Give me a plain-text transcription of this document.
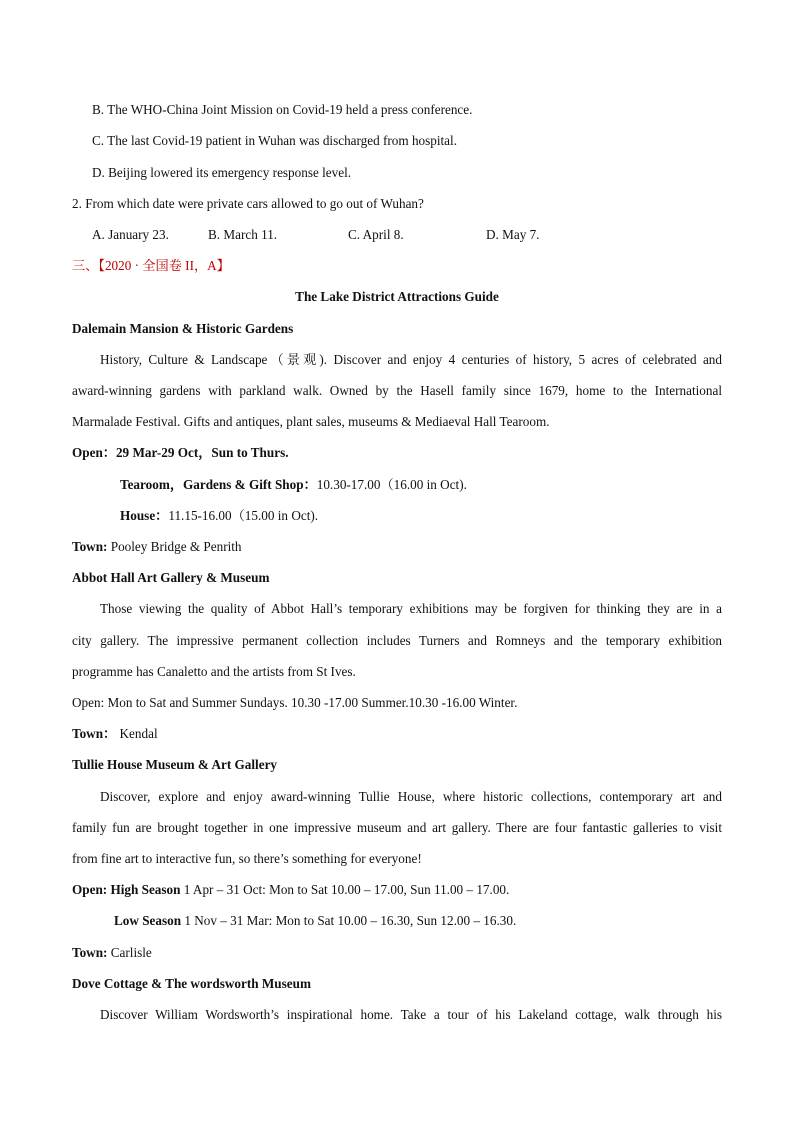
B. The WHO-China Joint Mission on Covid-19 held a press conference.
C. The last Covid-19 patient in Wuhan was discharged from hospital.
D. Beijing lowered its emergency response level.
2. From which date were private cars allowed to go out of Wuhan?
A. January 23.	B. March 11.	C. April 8.	D. May 7.
三、【2020 · 全国卷 II，A】
The Lake District Attractions Guide
Dalemain Mansion & Historic Gardens
History, Culture & Landscape（景观). Discover and enjoy 4 centuries of history, 5 acres of celebrated and
award-winning gardens with parkland walk. Owned by the Hasell family since 1679, home to the International
Marmalade Festival. Gifts and antiques, plant sales, museums & Mediaeval Hall Tearoom.
Open：29 Mar-29 Oct，Sun to Thurs.
Tearoom，Gardens & Gift Shop：10.30-17.00（16.00 in Oct).
House：11.15-16.00（15.00 in Oct).
Town: Pooley Bridge & Penrith
Abbot Hall Art Gallery & Museum
Those viewing the quality of Abbot Hall’s temporary exhibitions may be forgiven for thinking they are in a
city gallery. The impressive permanent collection includes Turners and Romneys and the temporary exhibition
programme has Canaletto and the artists from St Ives.
Open: Mon to Sat and Summer Sundays. 10.30 -17.00 Summer.10.30 -16.00 Winter.
Town： Kendal
Tullie House Museum & Art Gallery
Discover, explore and enjoy award-winning Tullie House, where historic collections, contemporary art and
family fun are brought together in one impressive museum and art gallery. There are four fantastic galleries to visit
from fine art to interactive fun, so there’s something for everyone!
Open: High Season 1 Apr – 31 Oct: Mon to Sat 10.00 – 17.00, Sun 11.00 – 17.00.
Low Season 1 Nov – 31 Mar: Mon to Sat 10.00 – 16.30, Sun 12.00 – 16.30.
Town: Carlisle
Dove Cottage & The wordsworth Museum
Discover William Wordsworth’s inspirational home. Take a tour of his Lakeland cottage, walk through his
